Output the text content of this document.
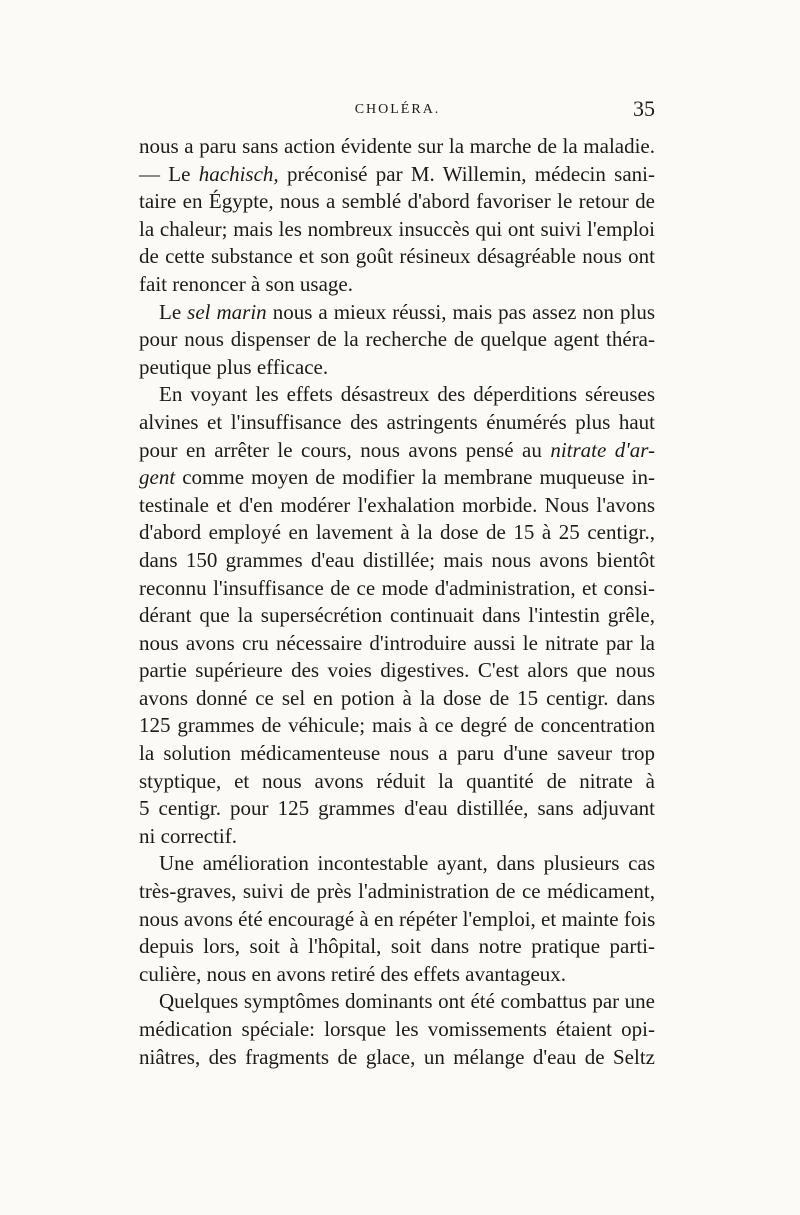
CHOLÉRA.	35
nous a paru sans action évidente sur la marche de la maladie.
— Le hachisch, préconisé par M. Willemin, médecin sani-
taire en Égypte, nous a semblé d'abord favoriser le retour de
la chaleur; mais les nombreux insuccès qui ont suivi l'emploi
de cette substance et son goût résineux désagréable nous ont
fait renoncer à son usage.
Le sel marin nous a mieux réussi, mais pas assez non plus
pour nous dispenser de la recherche de quelque agent théra-
peutique plus efficace.
En voyant les effets désastreux des déperditions séreuses
alvines et l'insuffisance des astringents énumérés plus haut
pour en arrêter le cours, nous avons pensé au nitrate d'ar-
gent comme moyen de modifier la membrane muqueuse in-
testinale et d'en modérer l'exhalation morbide. Nous l'avons
d'abord employé en lavement à la dose de 15 à 25 centigr.,
dans 150 grammes d'eau distillée; mais nous avons bientôt
reconnu l'insuffisance de ce mode d'administration, et consi-
dérant que la supersécrétion continuait dans l'intestin grêle,
nous avons cru nécessaire d'introduire aussi le nitrate par la
partie supérieure des voies digestives. C'est alors que nous
avons donné ce sel en potion à la dose de 15 centigr. dans
125 grammes de véhicule; mais à ce degré de concentration
la solution médicamenteuse nous a paru d'une saveur trop
styptique, et nous avons réduit la quantité de nitrate à
5 centigr. pour 125 grammes d'eau distillée, sans adjuvant
ni correctif.
Une amélioration incontestable ayant, dans plusieurs cas
très-graves, suivi de près l'administration de ce médicament,
nous avons été encouragé à en répéter l'emploi, et mainte fois
depuis lors, soit à l'hôpital, soit dans notre pratique parti-
culière, nous en avons retiré des effets avantageux.
Quelques symptômes dominants ont été combattus par une
médication spéciale: lorsque les vomissements étaient opi-
niâtres, des fragments de glace, un mélange d'eau de Seltz
